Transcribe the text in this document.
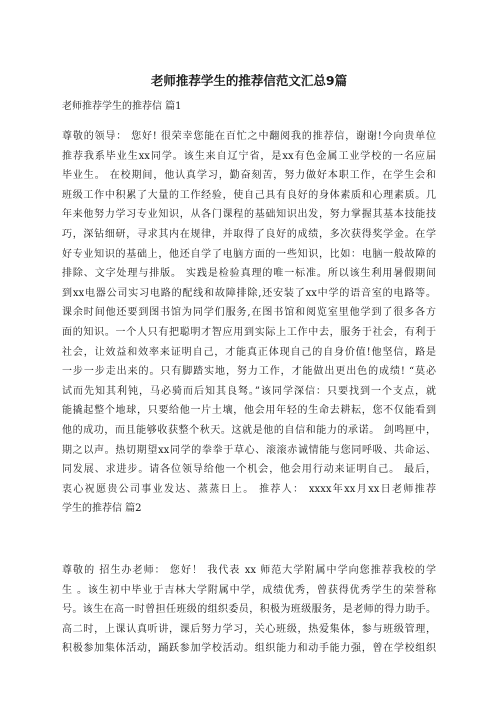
老师推荐学生的推荐信范文汇总9篇
老师推荐学生的推荐信 篇1
尊敬的领导： 您好! 很荣幸您能在百忙之中翻阅我的推荐信，谢谢!今向贵单位
推荐我系毕业生xx同学。该生来自辽宁省，是xx有色金属工业学校的一名应届
毕业生。 在校期间，他认真学习，勤奋刻苦，努力做好本职工作，在学生会和
班级工作中积累了大量的工作经验，使自己具有良好的身体素质和心理素质。几
年来他努力学习专业知识，从各门课程的基础知识出发，努力掌握其基本技能技
巧，深钻细研，寻求其内在规律，并取得了良好的成绩，多次获得奖学金。在学
好专业知识的基础上，他还自学了电脑方面的一些知识，比如：电脑一般故障的
排除、文字处理与排版。 实践是检验真理的唯一标准。所以该生利用暑假期间
到xx电器公司实习电路的配线和故障排除,还安装了xx中学的语音室的电路等。
课余时间他还要到图书馆为同学们服务,在图书馆和阅览室里他学到了很多各方
面的知识。一个人只有把聪明才智应用到实际上工作中去，服务于社会，有利于
社会，让效益和效率来证明自己，才能真正体现自己的自身价值!他坚信，路是
一步一步走出来的。只有脚踏实地，努力工作，才能做出更出色的成绩! “莫必
试而先知其利钝，马必骑而后知其良驽。”该同学深信：只要找到一个支点，就
能撬起整个地球，只要给他一片土壤，他会用年轻的生命去耕耘，您不仅能看到
他的成功，而且能够收获整个秋天。这就是他的自信和能力的承诺。 剑鸣匣中，
期之以声。热切期望xx同学的拳拳于草心、滚滚赤诚情能与您同呼吸、共命运、
同发展、求进步。请各位领导给他一个机会，他会用行动来证明自己。 最后，
衷心祝愿贵公司事业发达、蒸蒸日上。 推荐人： xxxx年xx月xx日老师推荐
学生的推荐信 篇2
尊敬的 招生办老师： 您好！ 我代表 xx 师范大学附属中学向您推荐我校的学
生 。该生初中毕业于吉林大学附属中学，成绩优秀，曾获得优秀学生的荣誉称
号。该生在高一时曾担任班级的组织委员，积极为班级服务，是老师的得力助手。
高二时，上课认真听讲，课后努力学习，关心班级，热爱集体，参与班级管理，
积极参加集体活动，踊跃参加学校活动。组织能力和动手能力强，曾在学校组织
